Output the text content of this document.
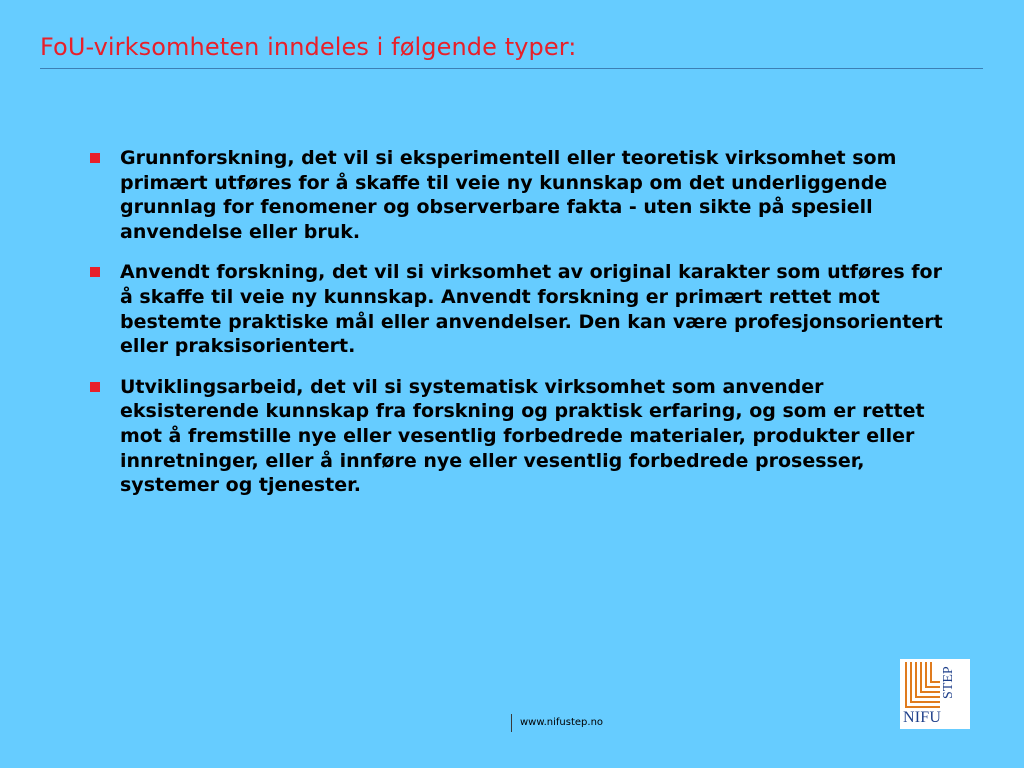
FoU-virksomheten inndeles i følgende typer:
Grunnforskning, det vil si eksperimentell eller teoretisk virksomhet som primært utføres for å skaffe til veie ny kunnskap om det underliggende grunnlag for fenomener og observerbare fakta - uten sikte på spesiell anvendelse eller bruk.
Anvendt forskning, det vil si virksomhet av original karakter som utføres for å skaffe til veie ny kunnskap. Anvendt forskning er primært rettet mot bestemte praktiske mål eller anvendelser. Den kan være profesjonsorientert eller praksisorientert.
Utviklingsarbeid, det vil si systematisk virksomhet som anvender eksisterende kunnskap fra forskning og praktisk erfaring, og som er rettet mot å fremstille nye eller vesentlig forbedrede materialer, produkter eller innretninger, eller å innføre nye eller vesentlig forbedrede prosesser, systemer og tjenester.
www.nifustep.no	NIFU
STEP
